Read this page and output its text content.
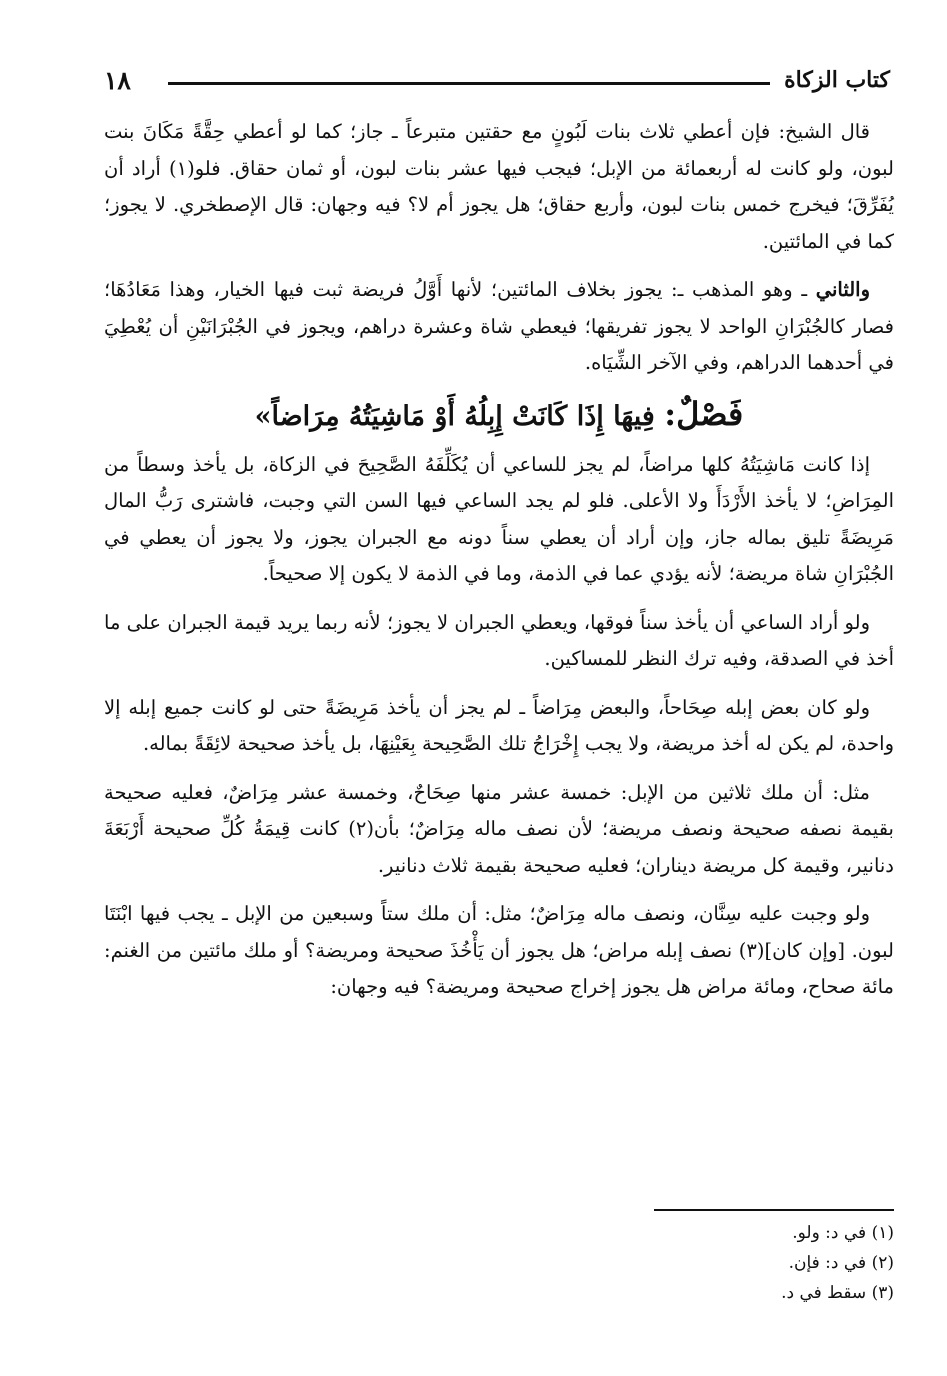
١٨	كتاب الزكاة

قال الشيخ: فإن أعطي ثلاث بنات لَبُونٍ مع حقتين متبرعاً ـ جاز؛ كما لو أعطي حِقَّةً مَكَانَ بنت لبون، ولو كانت له أربعمائة من الإبل؛ فيجب فيها عشر بنات لبون، أو ثمان حقاق. فلو(١) أراد أن يُفَرِّقَ؛ فيخرج خمس بنات لبون، وأربع حقاق؛ هل يجوز أم لا؟ فيه وجهان: قال الإصطخري. لا يجوز؛ كما في المائتين.

والثاني ـ وهو المذهب ـ: يجوز بخلاف المائتين؛ لأنها أَوَّلُ فريضة ثبت فيها الخيار، وهذا مَعَادُهَا؛ فصار كالجُبْرَانِ الواحد لا يجوز تفريقها؛ فيعطي شاة وعشرة دراهم، ويجوز في الجُبْرَانَيْنِ أن يُعْطِيَ في أحدهما الدراهم، وفي الآخر الشِّيَاه.

فَصْلٌ: فِيهَا إِذَا كَانَتْ إِبِلُهُ أَوْ مَاشِيَتُهُ مِرَاضاً»

إذا كانت مَاشِيَتُهُ كلها مراضاً، لم يجز للساعي أن يُكَلِّفَهُ الصَّحِيحَ في الزكاة، بل يأخذ وسطاً من المِرَاضِ؛ لا يأخذ الأَرْدَأَ ولا الأعلى. فلو لم يجد الساعي فيها السن التي وجبت، فاشترى رَبُّ المال مَرِيضَةً تليق بماله جاز، وإن أراد أن يعطي سناً دونه مع الجبران يجوز، ولا يجوز أن يعطي في الجُبْرَانِ شاة مريضة؛ لأنه يؤدي عما في الذمة، وما في الذمة لا يكون إلا صحيحاً.

ولو أراد الساعي أن يأخذ سناً فوقها، ويعطي الجبران لا يجوز؛ لأنه ربما يريد قيمة الجبران على ما أخذ في الصدقة، وفيه ترك النظر للمساكين.

ولو كان بعض إبله صِحَاحاً، والبعض مِرَاضاً ـ لم يجز أن يأخذ مَرِيضَةً حتى لو كانت جميع إبله إلا واحدة، لم يكن له أخذ مريضة، ولا يجب إِخْرَاجُ تلك الصَّحِيحة بِعَيْنِهَا، بل يأخذ صحيحة لائِقَةً بماله.

مثل: أن ملك ثلاثين من الإبل: خمسة عشر منها صِحَاحٌ، وخمسة عشر مِرَاضٌ، فعليه صحيحة بقيمة نصفه صحيحة ونصف مريضة؛ لأن نصف ماله مِرَاضٌ؛ بأن(٢) كانت قِيمَةُ كُلِّ صحيحة أَرْبَعَةَ دنانير، وقيمة كل مريضة ديناران؛ فعليه صحيحة بقيمة ثلاث دنانير.

ولو وجبت عليه سِنَّان، ونصف ماله مِرَاضٌ؛ مثل: أن ملك ستاً وسبعين من الإبل ـ يجب فيها ابْنَتَا لبون. [وإن كان](٣) نصف إبله مراض؛ هل يجوز أن يَأْخُذَ صحيحة ومريضة؟ أو ملك مائتين من الغنم: مائة صحاح، ومائة مراض هل يجوز إخراج صحيحة ومريضة؟ فيه وجهان:

(١) في د: ولو.
(٢) في د: فإن.
(٣) سقط في د.
